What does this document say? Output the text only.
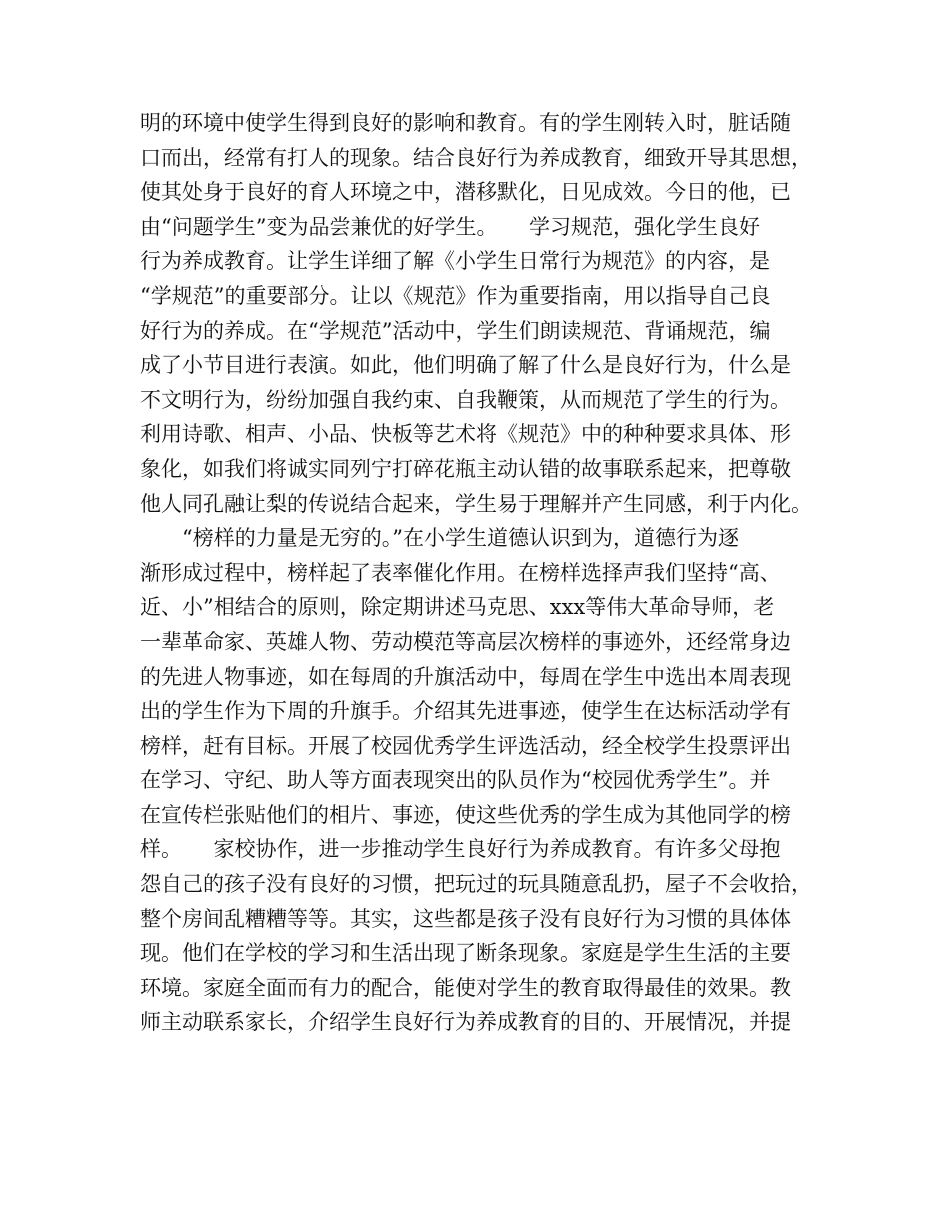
明的环境中使学生得到良好的影响和教育。有的学生刚转入时，脏话随
口而出，经常有打人的现象。结合良好行为养成教育，细致开导其思想，
使其处身于良好的育人环境之中，潜移默化，日见成效。今日的他，已
由“问题学生”变为品尝兼优的好学生。　　学习规范，强化学生良好
行为养成教育。让学生详细了解《小学生日常行为规范》的内容，是
“学规范”的重要部分。让以《规范》作为重要指南，用以指导自己良
好行为的养成。在“学规范”活动中，学生们朗读规范、背诵规范，编
成了小节目进行表演。如此，他们明确了解了什么是良好行为，什么是
不文明行为，纷纷加强自我约束、自我鞭策，从而规范了学生的行为。
利用诗歌、相声、小品、快板等艺术将《规范》中的种种要求具体、形
象化，如我们将诚实同列宁打碎花瓶主动认错的故事联系起来，把尊敬
他人同孔融让梨的传说结合起来，学生易于理解并产生同感，利于内化。
　　“榜样的力量是无穷的。”在小学生道德认识到为，道德行为逐
渐形成过程中，榜样起了表率催化作用。在榜样选择声我们坚持“高、
近、小”相结合的原则，除定期讲述马克思、xxx等伟大革命导师，老
一辈革命家、英雄人物、劳动模范等高层次榜样的事迹外，还经常身边
的先进人物事迹，如在每周的升旗活动中，每周在学生中选出本周表现
出的学生作为下周的升旗手。介绍其先进事迹，使学生在达标活动学有
榜样，赶有目标。开展了校园优秀学生评选活动，经全校学生投票评出
在学习、守纪、助人等方面表现突出的队员作为“校园优秀学生”。并
在宣传栏张贴他们的相片、事迹，使这些优秀的学生成为其他同学的榜
样。　　家校协作，进一步推动学生良好行为养成教育。有许多父母抱
怨自己的孩子没有良好的习惯，把玩过的玩具随意乱扔，屋子不会收拾，
整个房间乱糟糟等等。其实，这些都是孩子没有良好行为习惯的具体体
现。他们在学校的学习和生活出现了断条现象。家庭是学生生活的主要
环境。家庭全面而有力的配合，能使对学生的教育取得最佳的效果。教
师主动联系家长，介绍学生良好行为养成教育的目的、开展情况，并提
